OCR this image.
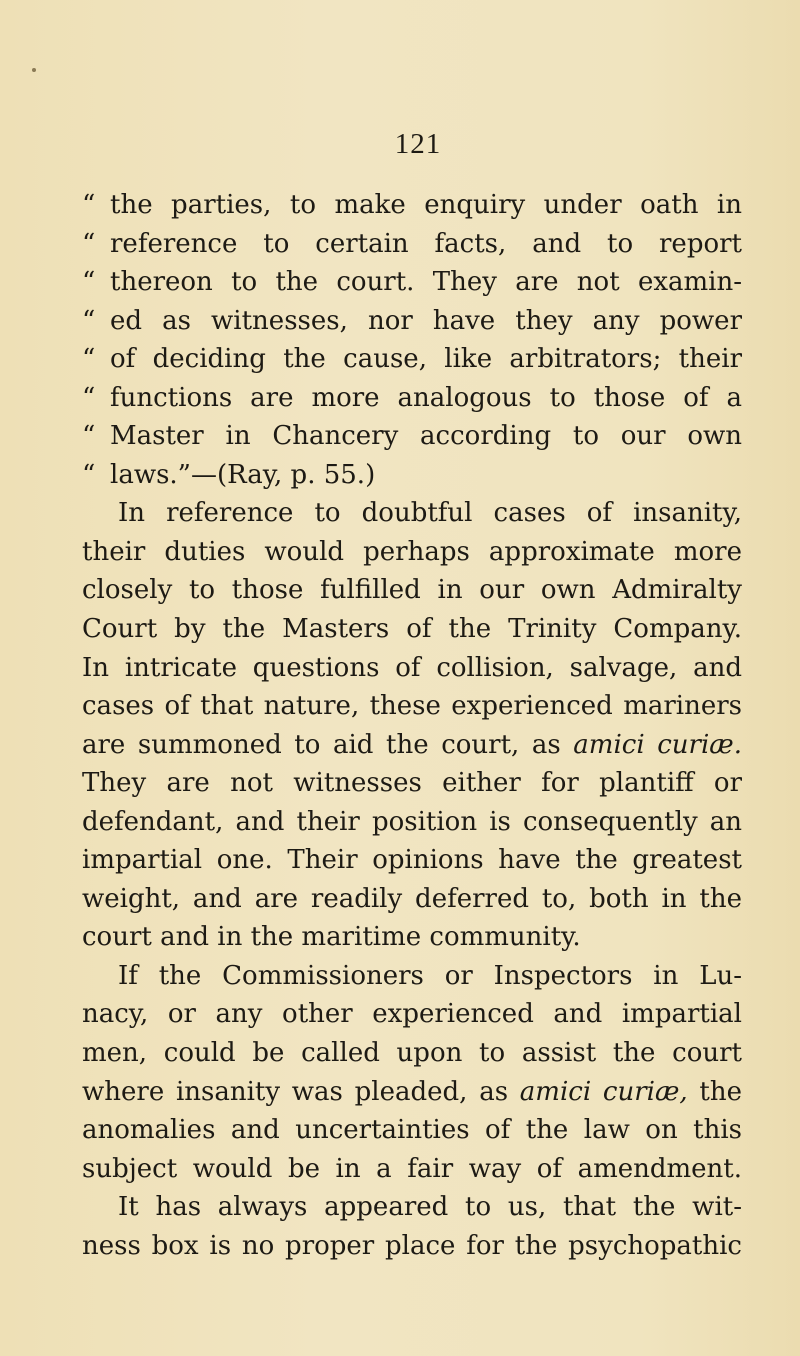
121
“ the parties, to make enquiry under oath in
“ reference to certain facts, and to report
“ thereon to the court. They are not examin-
“ ed as witnesses, nor have they any power
“ of deciding the cause, like arbitrators; their
“ functions are more analogous to those of a
“ Master in Chancery according to our own
“ laws.”—(Ray, p. 55.)
In reference to doubtful cases of insanity,
their duties would perhaps approximate more
closely to those fulfilled in our own Admiralty
Court by the Masters of the Trinity Company.
In intricate questions of collision, salvage, and
cases of that nature, these experienced mariners
are summoned to aid the court, as amici curiæ.
They are not witnesses either for plantiff or
defendant, and their position is consequently an
impartial one. Their opinions have the greatest
weight, and are readily deferred to, both in the
court and in the maritime community.
If the Commissioners or Inspectors in Lu-
nacy, or any other experienced and impartial
men, could be called upon to assist the court
where insanity was pleaded, as amici curiæ, the
anomalies and uncertainties of the law on this
subject would be in a fair way of amendment.
It has always appeared to us, that the wit-
ness box is no proper place for the psychopathic
